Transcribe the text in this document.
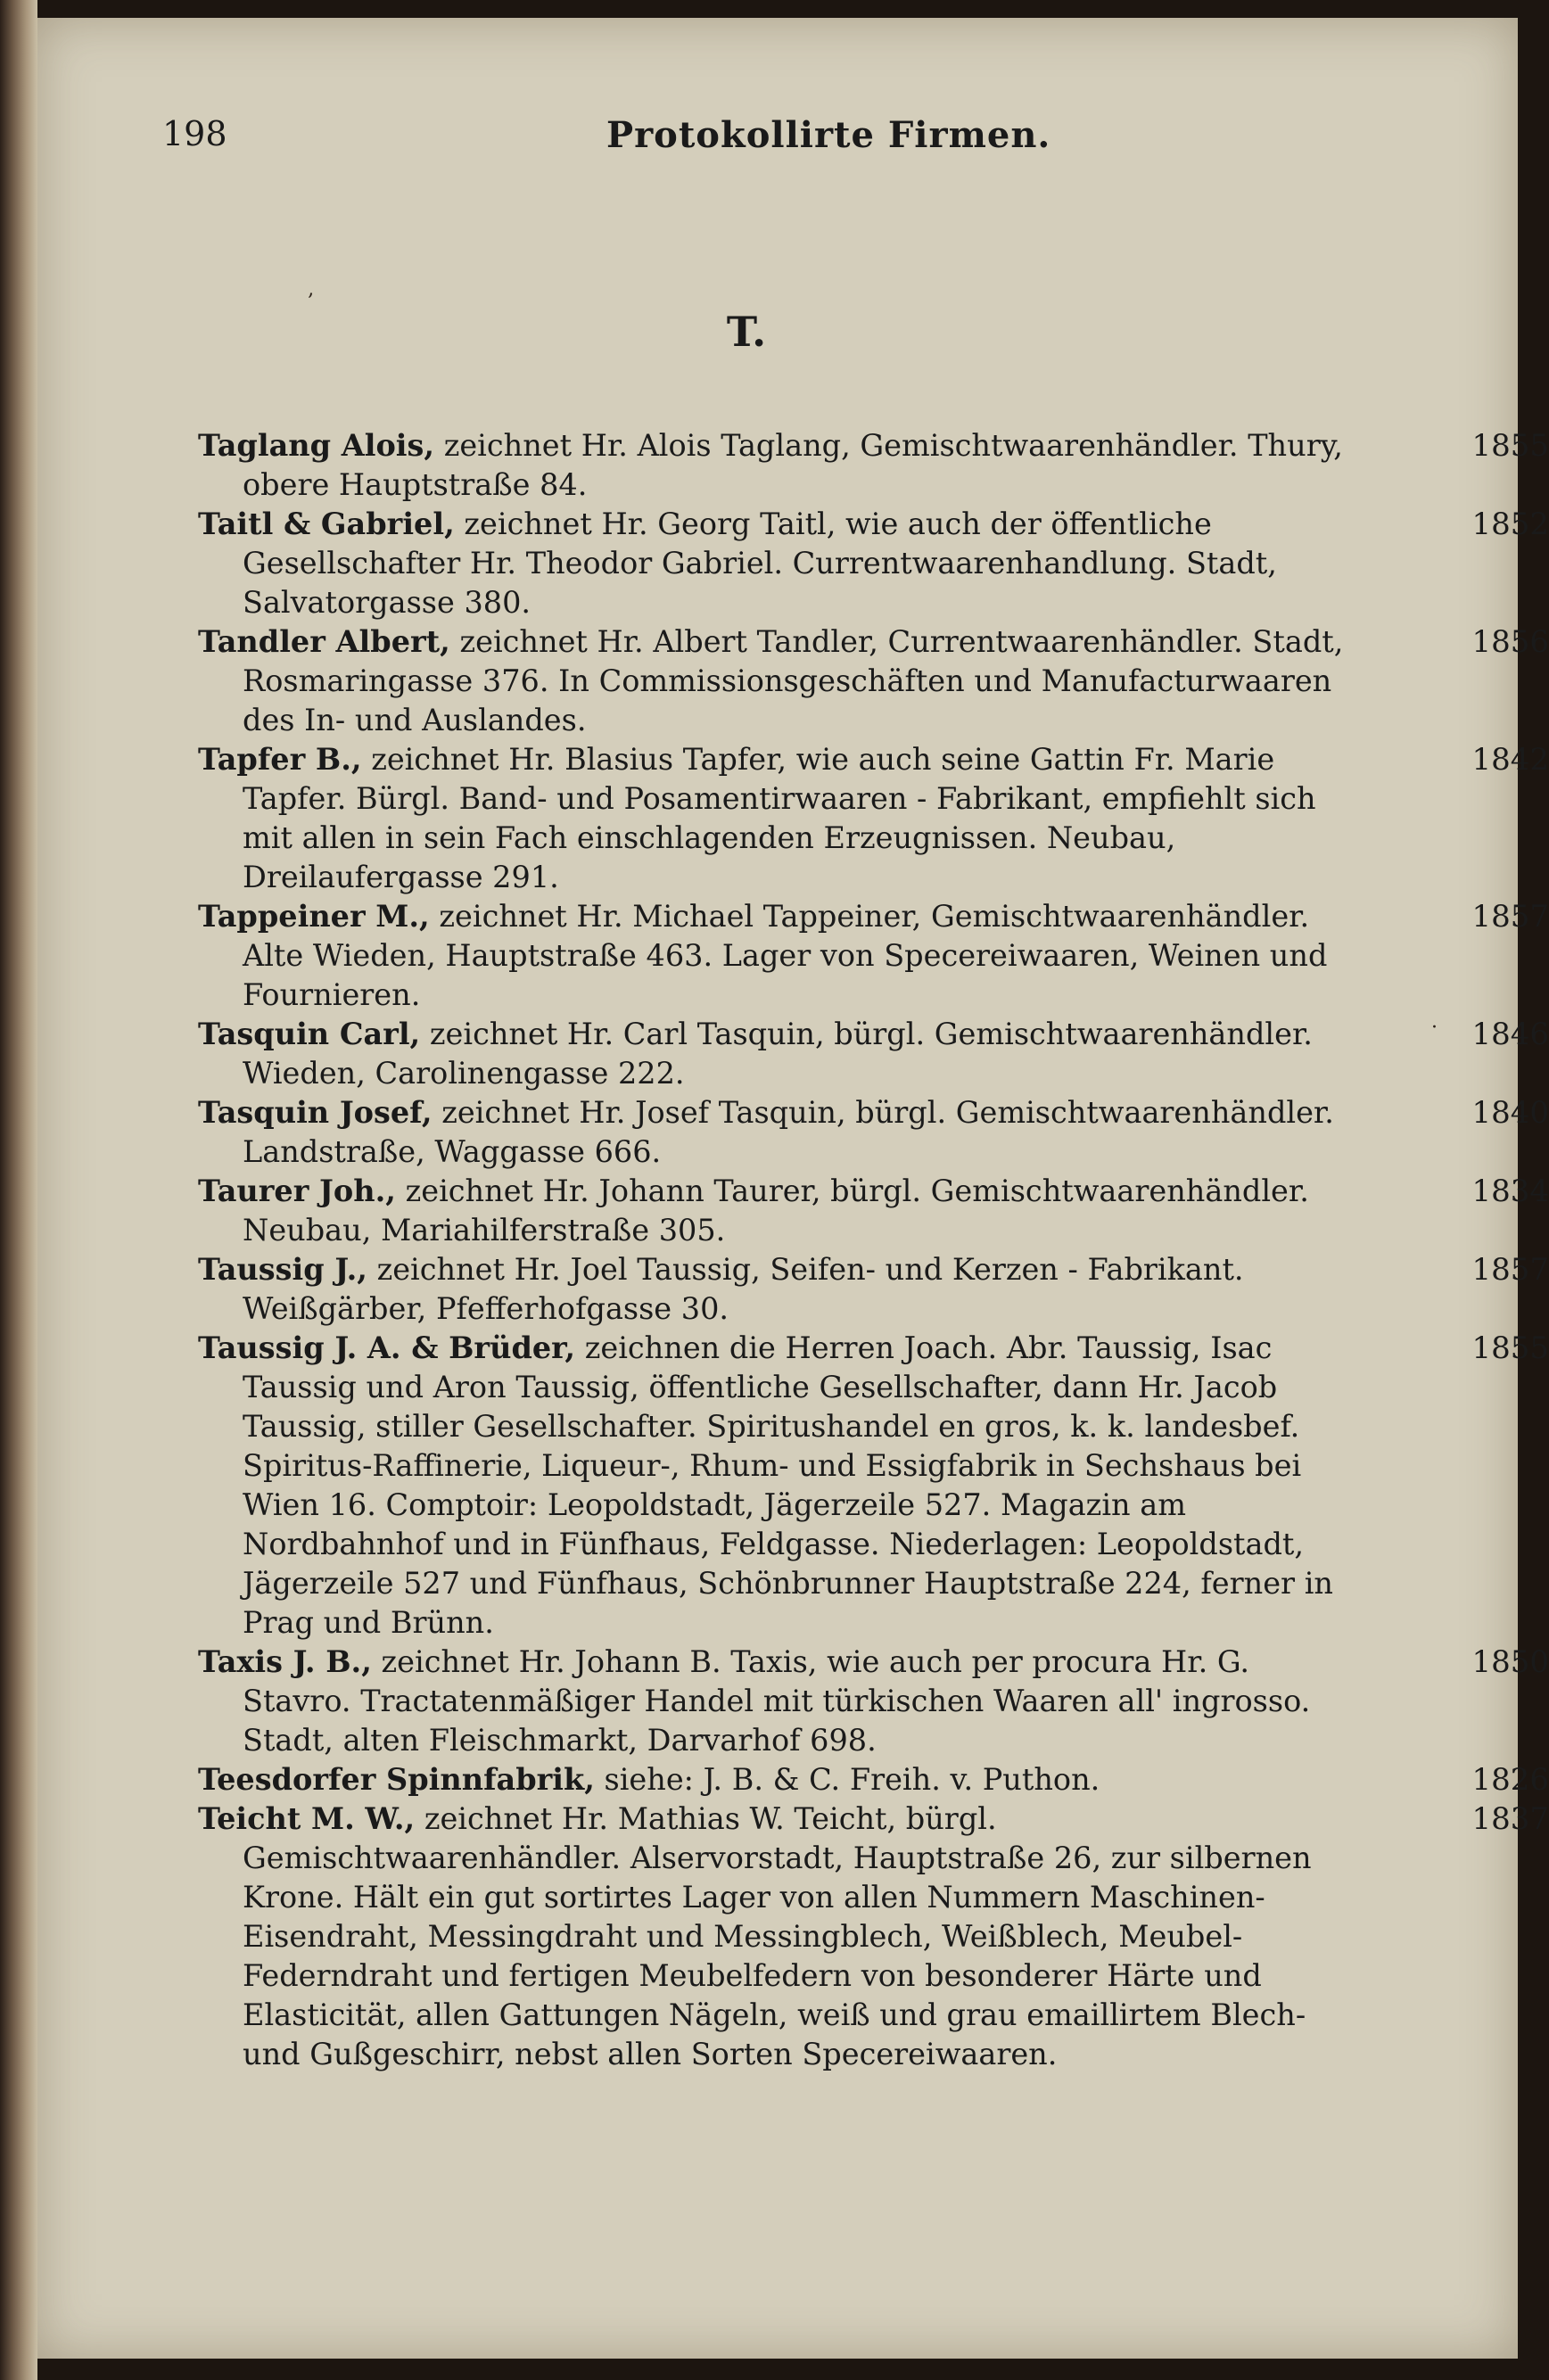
198	Protokollirte Firmen.
T.
Taglang Alois, zeichnet Hr. Alois Taglang, Gemischtwaarenhändler. Thury, obere Hauptstraße 84.
1855
Taitl & Gabriel, zeichnet Hr. Georg Taitl, wie auch der öffentliche Gesellschafter Hr. Theodor Gabriel. Currentwaarenhandlung. Stadt, Salvatorgasse 380.
1852
Tandler Albert, zeichnet Hr. Albert Tandler, Currentwaarenhändler. Stadt, Rosmaringasse 376. In Commissionsgeschäften und Manufacturwaaren des In- und Auslandes.
1856
Tapfer B., zeichnet Hr. Blasius Tapfer, wie auch seine Gattin Fr. Marie Tapfer. Bürgl. Band- und Posamentirwaaren - Fabrikant, empfiehlt sich mit allen in sein Fach einschlagenden Erzeugnissen. Neubau, Dreilaufergasse 291.
1842
Tappeiner M., zeichnet Hr. Michael Tappeiner, Gemischtwaarenhändler. Alte Wieden, Hauptstraße 463. Lager von Specereiwaaren, Weinen und Fournieren.
1857
Tasquin Carl, zeichnet Hr. Carl Tasquin, bürgl. Gemischtwaarenhändler. Wieden, Carolinengasse 222.
1846
Tasquin Josef, zeichnet Hr. Josef Tasquin, bürgl. Gemischtwaarenhändler. Landstraße, Waggasse 666.
1840
Taurer Joh., zeichnet Hr. Johann Taurer, bürgl. Gemischtwaarenhändler. Neubau, Mariahilferstraße 305.
1834
Taussig J., zeichnet Hr. Joel Taussig, Seifen- und Kerzen - Fabrikant. Weißgärber, Pfefferhofgasse 30.
1857
Taussig J. A. & Brüder, zeichnen die Herren Joach. Abr. Taussig, Isac Taussig und Aron Taussig, öffentliche Gesellschafter, dann Hr. Jacob Taussig, stiller Gesellschafter. Spiritushandel en gros, k. k. landesbef. Spiritus-Raffinerie, Liqueur-, Rhum- und Essigfabrik in Sechshaus bei Wien 16. Comptoir: Leopoldstadt, Jägerzeile 527. Magazin am Nordbahnhof und in Fünfhaus, Feldgasse. Niederlagen: Leopoldstadt, Jägerzeile 527 und Fünfhaus, Schönbrunner Hauptstraße 224, ferner in Prag und Brünn.
1855
Taxis J. B., zeichnet Hr. Johann B. Taxis, wie auch per procura Hr. G. Stavro. Tractatenmäßiger Handel mit türkischen Waaren all' ingrosso. Stadt, alten Fleischmarkt, Darvarhof 698.
1850
Teesdorfer Spinnfabrik, siehe: J. B. & C. Freih. v. Puthon.	1826
Teicht M. W., zeichnet Hr. Mathias W. Teicht, bürgl. Gemischtwaarenhändler. Alservorstadt, Hauptstraße 26, zur silbernen Krone. Hält ein gut sortirtes Lager von allen Nummern Maschinen-Eisendraht, Messingdraht und Messingblech, Weißblech, Meubel-Federndraht und fertigen Meubelfedern von besonderer Härte und Elasticität, allen Gattungen Nägeln, weiß und grau emaillirtem Blech- und Gußgeschirr, nebst allen Sorten Specereiwaaren.
1837
‚
·
